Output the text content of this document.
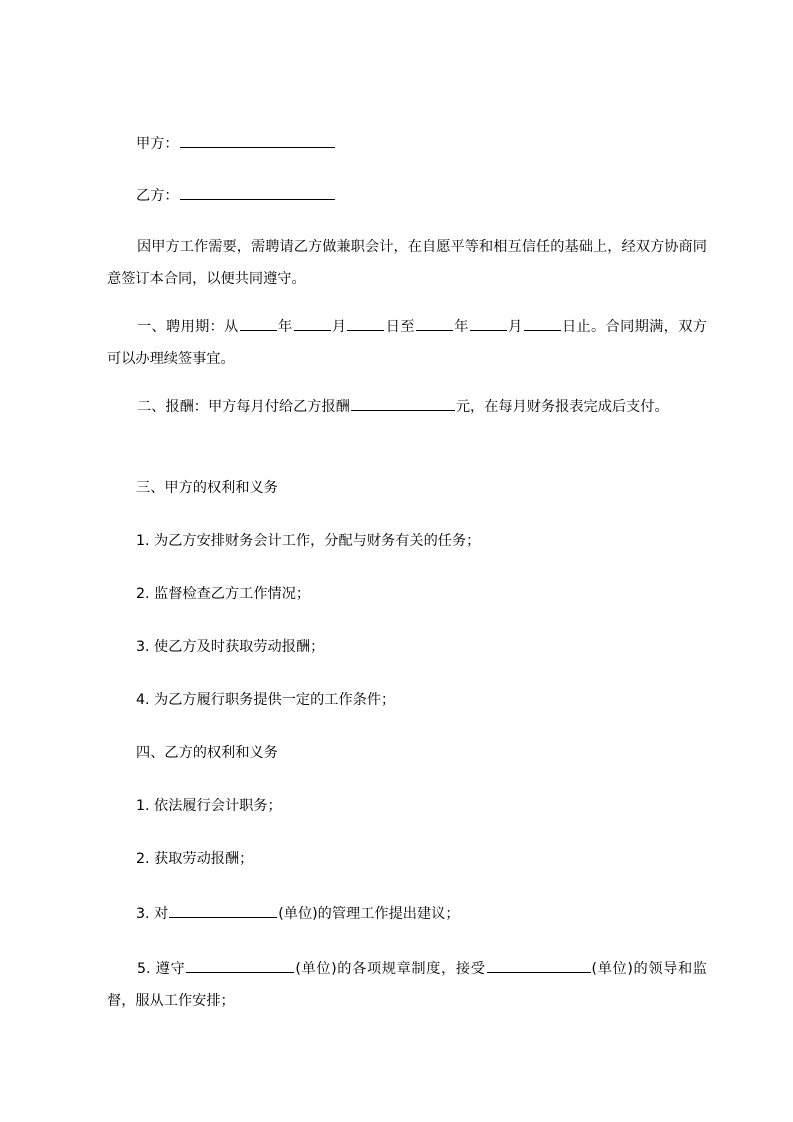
甲方：
乙方：
因甲方工作需要，需聘请乙方做兼职会计，在自愿平等和相互信任的基础上，经双方协商同意签订本合同，以便共同遵守。
一、聘用期：从	年	月	日至	年	月	日止。合同期满，双方可以办理续签事宜。
二、报酬：甲方每月付给乙方报酬	元，在每月财务报表完成后支付。
三、甲方的权利和义务
1. 为乙方安排财务会计工作，分配与财务有关的任务；
2. 监督检查乙方工作情况；
3. 使乙方及时获取劳动报酬；
4. 为乙方履行职务提供一定的工作条件；
四、乙方的权利和义务
1. 依法履行会计职务；
2. 获取劳动报酬；
3. 对	(单位)的管理工作提出建议；
5. 遵守	(单位)的各项规章制度，接受	(单位)的领导和监督，服从工作安排；
